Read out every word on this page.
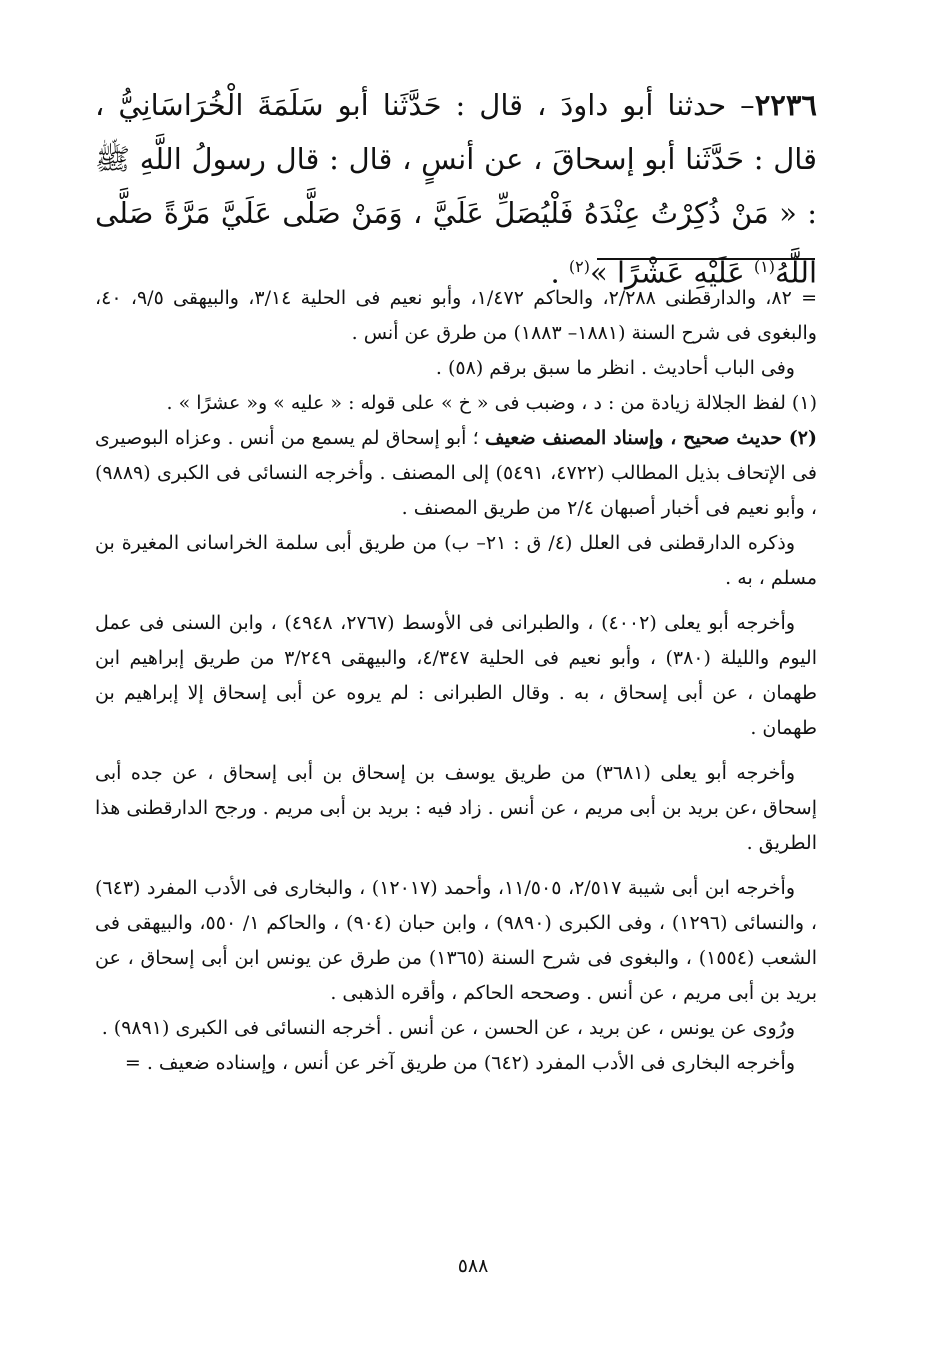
٢٢٣٦– حدثنا أبو داودَ ، قال : حَدَّثَنا أبو سَلَمَةَ الْخُرَاسَانِيُّ ، قال : حَدَّثَنا أبو إسحاقَ ، عن أنسٍ ، قال : قال رسولُ اللَّهِ ﷺ : « مَنْ ذُكِرْتُ عِنْدَهُ فَلْيُصَلِّ عَلَيَّ ، وَمَنْ صَلَّى عَلَيَّ مَرَّةً صَلَّى اللَّهُ$^{(١)}$ عَلَيْهِ عَشْرًا »$^{(٢)}$ .

= ٨٢، والدارقطنى ٢/٢٨٨، والحاكم ١/٤٧٢، وأبو نعيم فى الحلية ٣/١٤، والبيهقى ٩/٥، ٤٠، والبغوى فى شرح السنة (١٨٨١– ١٨٨٣) من طرق عن أنس .

وفى الباب أحاديث . انظر ما سبق برقم (٥٨) .

(١) لفظ الجلالة زيادة من : د ، وضبب فى « خ » على قوله : « عليه » و« عشرًا » .

(٢) حديث صحيح ، وإسناد المصنف ضعيف ؛ أبو إسحاق لم يسمع من أنس . وعزاه البوصيرى فى الإتحاف بذيل المطالب (٤٧٢٢، ٥٤٩١) إلى المصنف . وأخرجه النسائى فى الكبرى (٩٨٨٩) ، وأبو نعيم فى أخبار أصبهان ٢/٤ من طريق المصنف .

وذكره الدارقطنى فى العلل (٤/ ق : ٢١– ب) من طريق أبى سلمة الخراسانى المغيرة بن مسلم ، به .

وأخرجه أبو يعلى (٤٠٠٢) ، والطبرانى فى الأوسط (٢٧٦٧، ٤٩٤٨) ، وابن السنى فى عمل اليوم والليلة (٣٨٠) ، وأبو نعيم فى الحلية ٤/٣٤٧، والبيهقى ٣/٢٤٩ من طريق إبراهيم ابن طهمان ، عن أبى إسحاق ، به . وقال الطبرانى : لم يروه عن أبى إسحاق إلا إبراهيم بن طهمان .

وأخرجه أبو يعلى (٣٦٨١) من طريق يوسف بن إسحاق بن أبى إسحاق ، عن جده أبى إسحاق ،عن بريد بن أبى مريم ، عن أنس . زاد فيه : بريد بن أبى مريم . ورجح الدارقطنى هذا الطريق .

وأخرجه ابن أبى شيبة ٢/٥١٧، ١١/٥٠٥، وأحمد (١٢٠١٧) ، والبخارى فى الأدب المفرد (٦٤٣) ، والنسائى (١٢٩٦) ، وفى الكبرى (٩٨٩٠) ، وابن حبان (٩٠٤) ، والحاكم ١/ ٥٥٠، والبيهقى فى الشعب (١٥٥٤) ، والبغوى فى شرح السنة (١٣٦٥) من طرق عن يونس ابن أبى إسحاق ، عن بريد بن أبى مريم ، عن أنس . وصححه الحاكم ، وأقره الذهبى .

ورُوى عن يونس ، عن بريد ، عن الحسن ، عن أنس . أخرجه النسائى فى الكبرى (٩٨٩١) .

وأخرجه البخارى فى الأدب المفرد (٦٤٢) من طريق آخر عن أنس ، وإسناده ضعيف . =

٥٨٨
